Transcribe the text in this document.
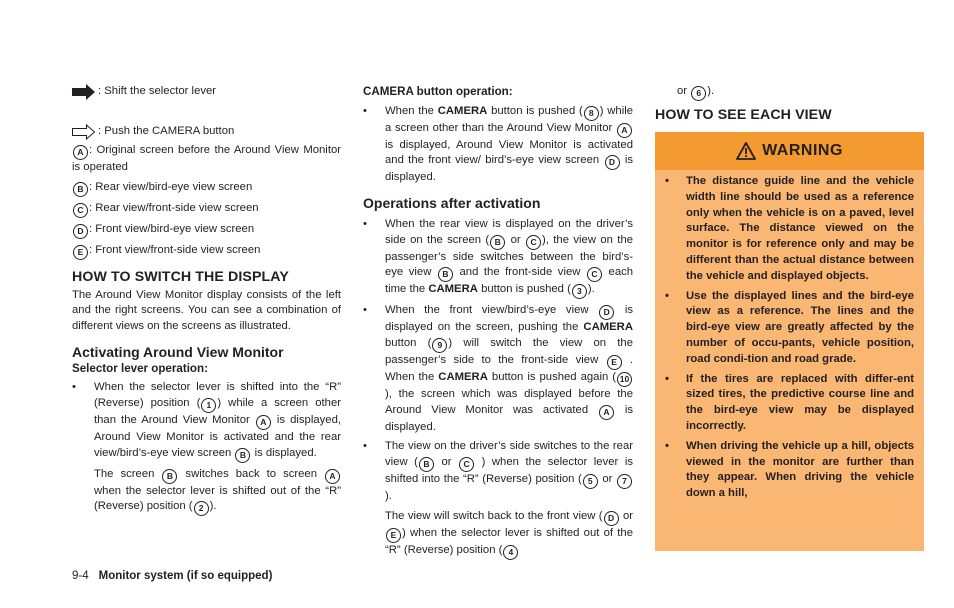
: Shift the selector lever
: Push the CAMERA button

A : Original screen before the Around View Monitor is operated

B : Rear view/bird-eye view screen

C : Rear view/front-side view screen

D : Front view/bird-eye view screen

E : Front view/front-side view screen

HOW TO SWITCH THE DISPLAY

The Around View Monitor display consists of the left and the right screens. You can see a combination of different views on the screens as illustrated.

Activating Around View Monitor
Selector lever operation:
• When the selector lever is shifted into the “R” (Reverse) position ( 1 ) while a screen other than the Around View Monitor A is displayed, Around View Monitor is activated and the rear view/bird’s-eye view screen B is displayed.
The screen B switches back to screen A when the selector lever is shifted out of the “R” (Reverse) position ( 2 ).
CAMERA button operation:
• When the CAMERA button is pushed ( 8 ) while a screen other than the Around View Monitor A is displayed, Around View Monitor is activated and the front view/ bird’s-eye view screen D is displayed.
Operations after activation
• When the rear view is displayed on the driver’s side on the screen ( B or C ), the view on the passenger’s side switches between the bird’s-eye view B and the front-side view C each time the CAMERA button is pushed ( 3 ).
• When the front view/bird’s-eye view D is displayed on the screen, pushing the CAMERA button ( 9 ) will switch the view on the passenger’s side to the front-side view E . When the CAMERA button is pushed again ( 10), the screen which was displayed before the Around View Monitor was activated A is displayed.
• The view on the driver’s side switches to the rear view ( B or C ) when the selector lever is shifted into the “R” (Reverse) position ( 5 or 7 ).
The view will switch back to the front view ( D or E ) when the selector lever is shifted out of the “R” (Reverse) position ( 4

or 6 ).

HOW TO SEE EACH VIEW
WARNING
• The distance guide line and the vehicle width line should be used as a reference only when the vehicle is on a paved, level surface. The distance viewed on the monitor is for reference only and may be different than the actual distance between the vehicle and displayed objects.
• Use the displayed lines and the bird-eye view as a reference. The lines and the bird-eye view are greatly affected by the number of occu-pants, vehicle position, road condi-tion and road grade.
• If the tires are replaced with differ-ent sized tires, the predictive course line and the bird-eye view may be displayed incorrectly.
• When driving the vehicle up a hill, objects viewed in the monitor are further than they appear. When driving the vehicle down a hill,
9-4 Monitor system (if so equipped)
